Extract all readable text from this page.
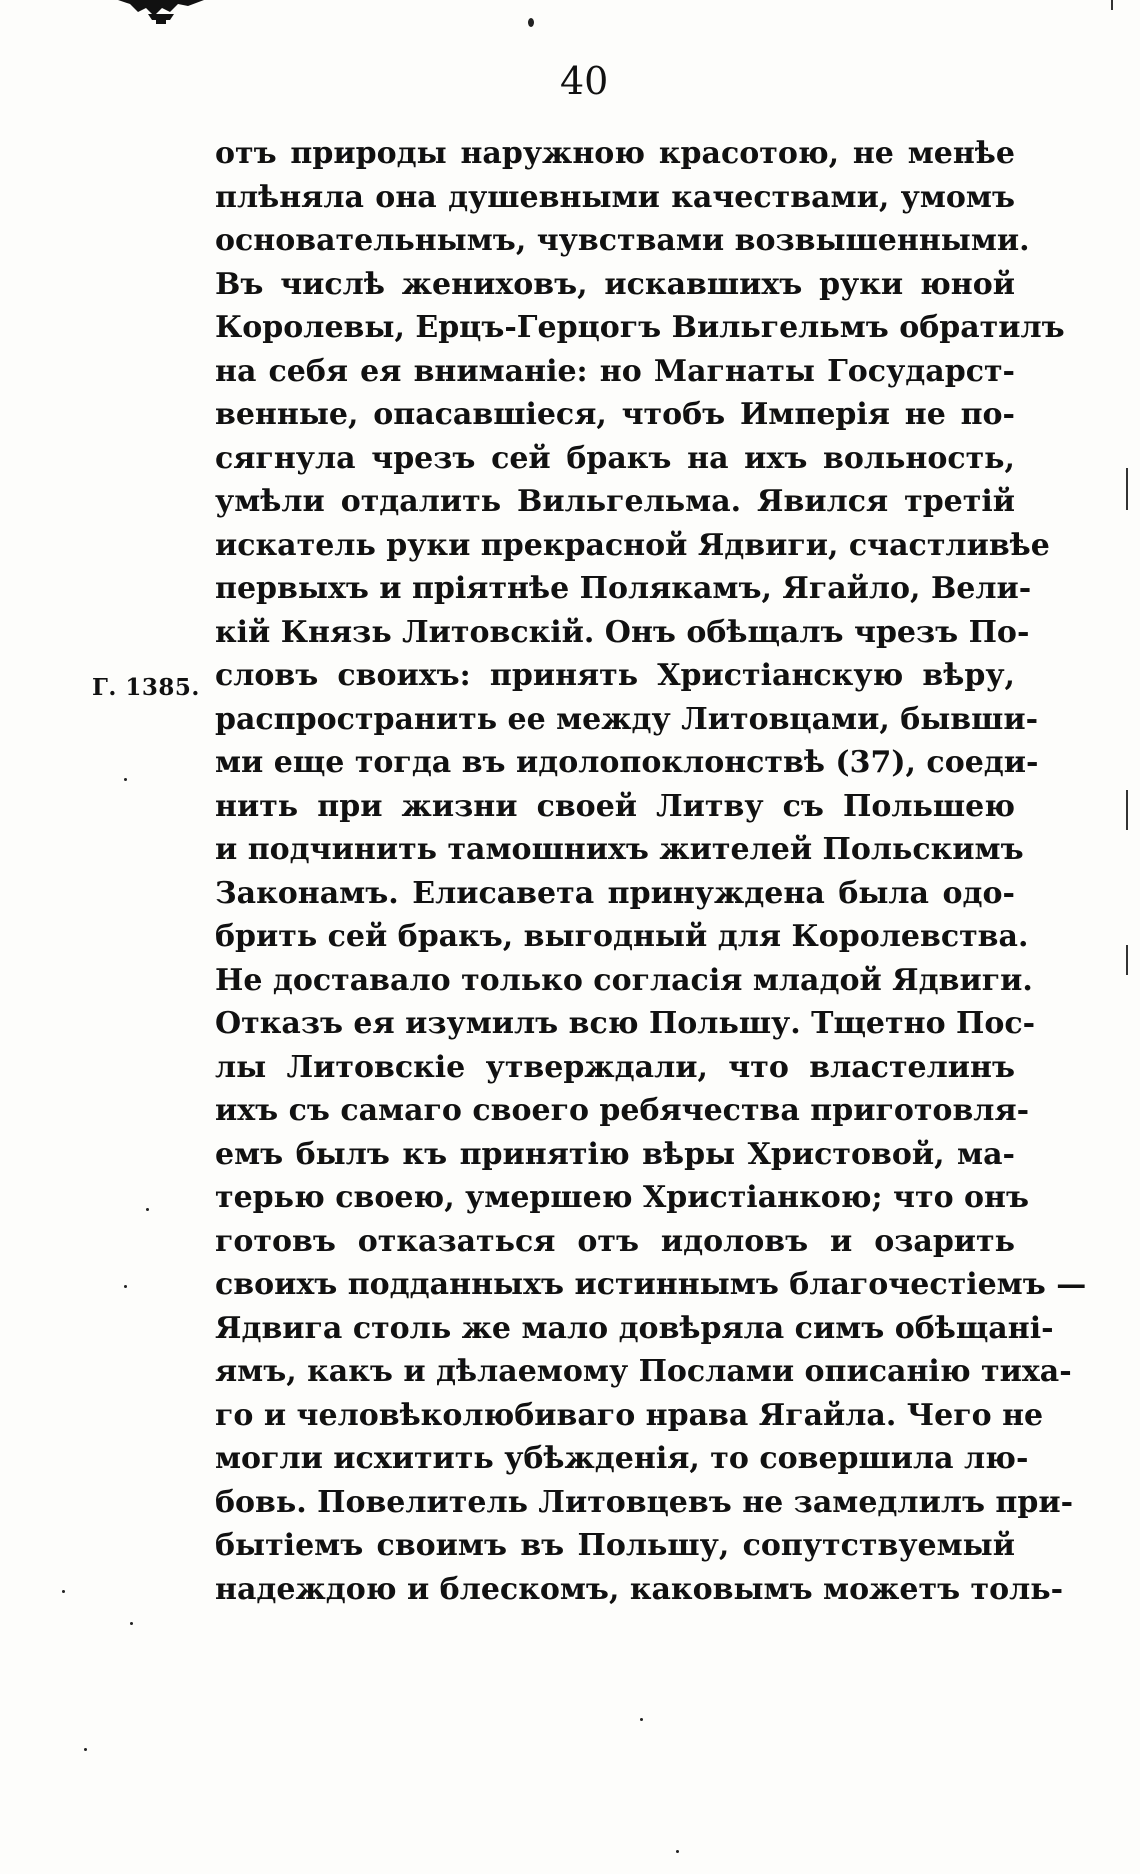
40
Г. 1385.
отъ природы наружною красотою, не менѣе
плѣняла она душевными качествами, умомъ
основательнымъ, чувствами возвышенными.
Въ числѣ жениховъ, искавшихъ руки юной
Королевы, Ерцъ-Герцогъ Вильгельмъ обратилъ
на себя ея вниманіе: но Магнаты Государст-
венные, опасавшіеся, чтобъ Имперія не по-
сягнула чрезъ сей бракъ на ихъ вольность,
умѣли отдалить Вильгельма. Явился третій
искатель руки прекрасной Ядвиги, счастливѣе
первыхъ и пріятнѣе Полякамъ, Ягайло, Вели-
кій Князь Литовскій. Онъ обѣщалъ чрезъ По-
словъ своихъ: принять Христіанскую вѣру,
распространить ее между Литовцами, бывши-
ми еще тогда въ идолопоклонствѣ (37), соеди-
нить при жизни своей Литву съ Польшею
и подчинить тамошнихъ жителей Польскимъ
Законамъ. Елисавета принуждена была одо-
брить сей бракъ, выгодный для Королевства.
Не доставало только согласія младой Ядвиги.
Отказъ ея изумилъ всю Польшу. Тщетно Пос-
лы Литовскіе утверждали, что властелинъ
ихъ съ самаго своего ребячества приготовля-
емъ былъ къ принятію вѣры Христовой, ма-
терью своею, умершею Христіанкою; что онъ
готовъ отказаться отъ идоловъ и озарить
своихъ подданныхъ истиннымъ благочестіемъ —
Ядвига столь же мало довѣряла симъ обѣщані-
ямъ, какъ и дѣлаемому Послами описанію тиха-
го и человѣколюбиваго нрава Ягайла. Чего не
могли исхитить убѣжденія, то совершила лю-
бовь. Повелитель Литовцевъ не замедлилъ при-
бытіемъ своимъ въ Польшу, сопутствуемый
надеждою и блескомъ, каковымъ можетъ толь-
